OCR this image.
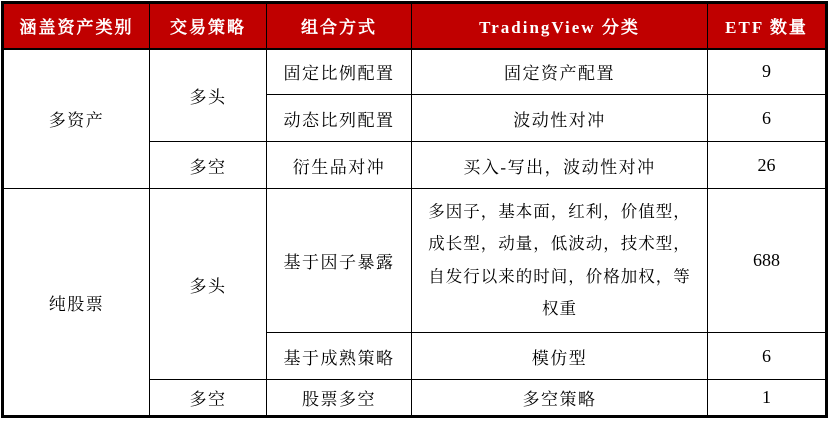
涵盖资产类别	交易策略	组合方式	TradingView 分类	ETF 数量
多资产	多头	固定比例配置	固定资产配置	9
		动态比列配置	波动性对冲	6
	多空	衍生品对冲	买入-写出，波动性对冲	26
纯股票	多头	基于因子暴露	多因子，基本面，红利，价值型，成长型，动量，低波动，技术型，自发行以来的时间，价格加权，等权重	688
		基于成熟策略	模仿型	6
	多空	股票多空	多空策略	1
